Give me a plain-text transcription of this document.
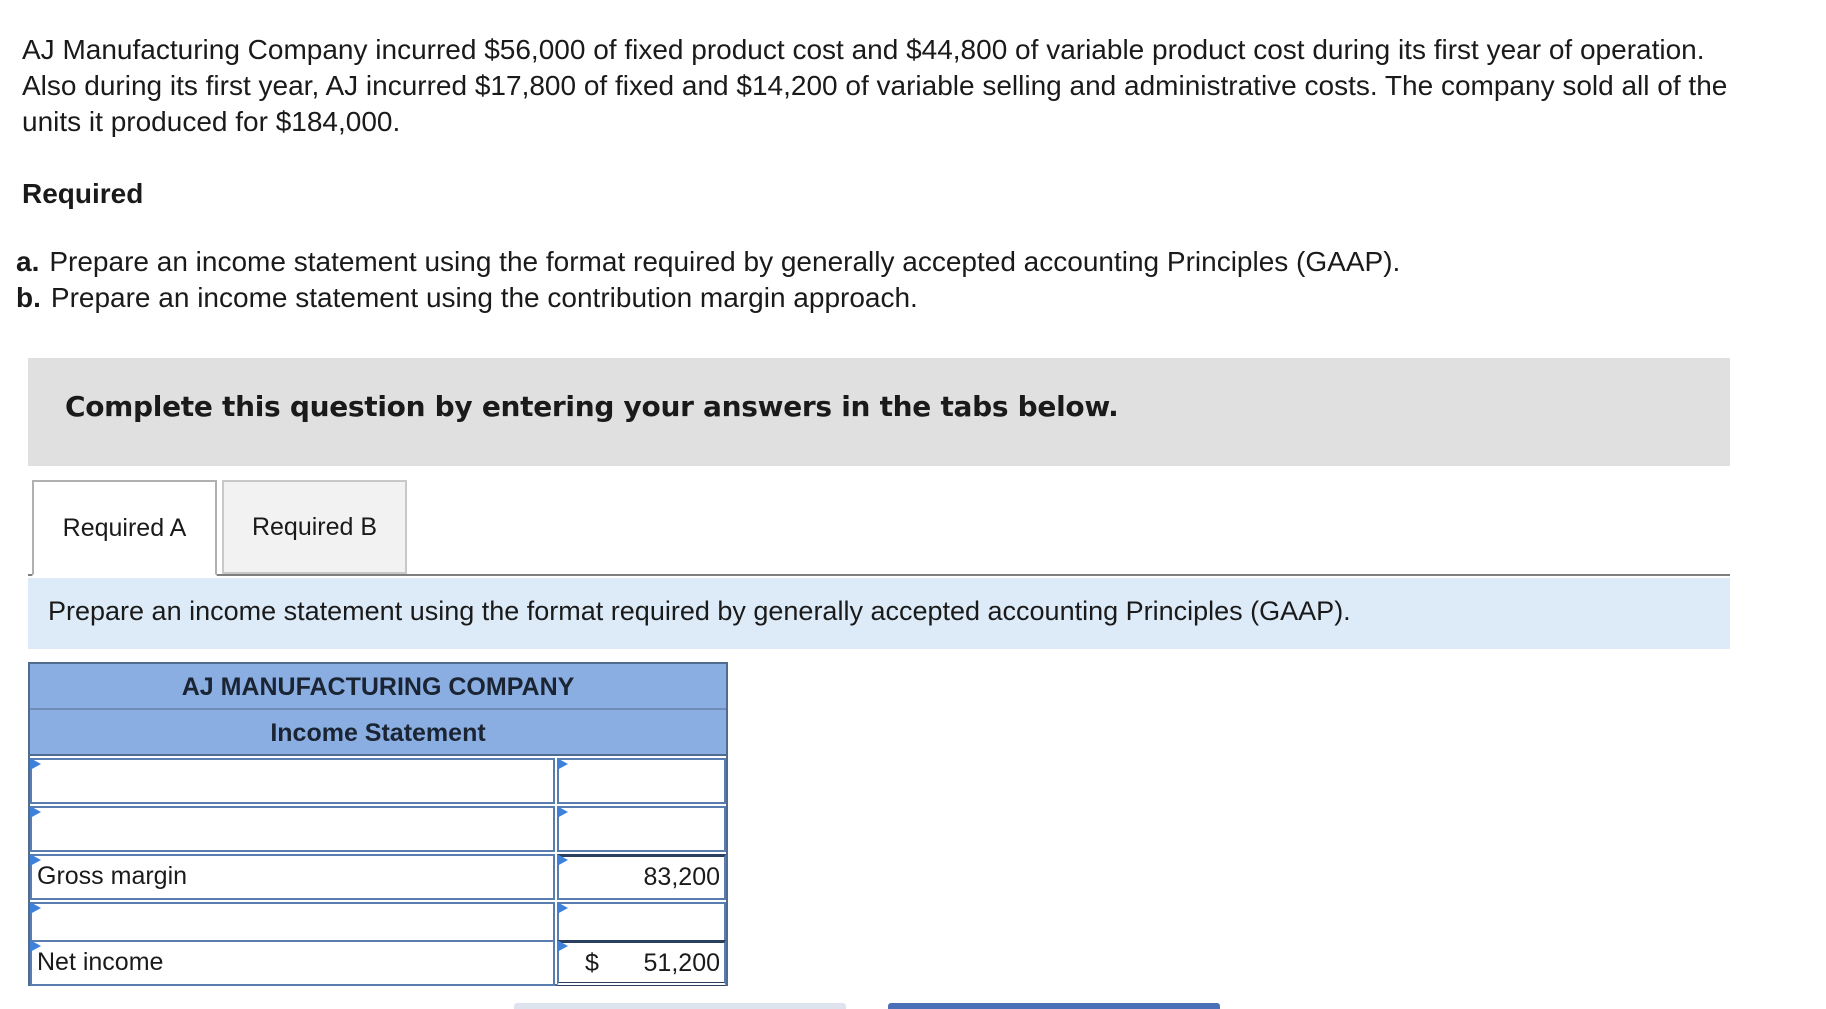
AJ Manufacturing Company incurred $56,000 of fixed product cost and $44,800 of variable product cost during its first year of operation. Also during its first year, AJ incurred $17,800 of fixed and $14,200 of variable selling and administrative costs. The company sold all of the units it produced for $184,000.

Required

a. Prepare an income statement using the format required by generally accepted accounting Principles (GAAP).
b. Prepare an income statement using the contribution margin approach.
Complete this question by entering your answers in the tabs below.
Required A	Required B
Prepare an income statement using the format required by generally accepted accounting Principles (GAAP).
AJ MANUFACTURING COMPANY
Income Statement
Gross margin	83,200
Net income	$ 51,200
